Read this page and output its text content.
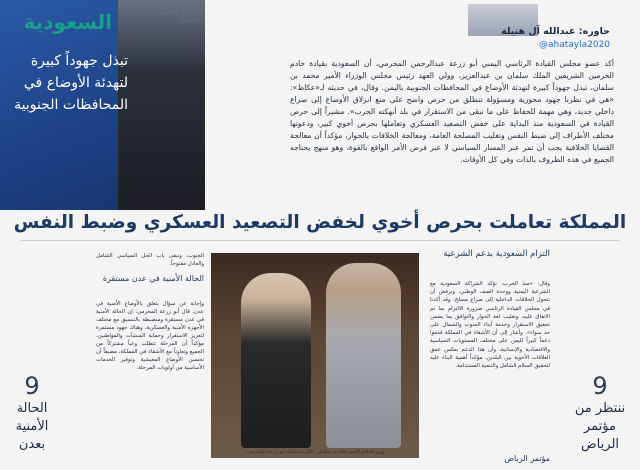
السعودية	أبو زرعة عبدالرحمن المحرمي
تبذل جهوداً كبيرة لتهدئة الأوضاع في المحافظات الجنوبية
حاوره: عبدالله آل هتيلة
@ahatayla2020
أكد عضو مجلس القيادة الرئاسي اليمني أبو زرعة عبدالرحمن المحرمي، أن السعودية بقيادة خادم الحرمين الشريفين الملك سلمان بن عبدالعزيز، وولي العهد رئيس مجلس الوزراء الأمير محمد بن سلمان، تبذل جهوداً كبيرة لتهدئة الأوضاع في المحافظات الجنوبية باليمن. وقال، في حديثه لـ«عكاظ»: «هي في نظرنا جهود محورية ومسؤولة تنطلق من حرص واضح على منع انزلاق الأوضاع إلى صراع داخلي جديد، وهي مهمة للحفاظ على ما تبقى من الاستقرار في بلد أنهكته الحرب». مشيراً إلى حرص القيادة في السعودية منذ البداية على خفض التصعيد العسكري وتعاملها بحرص أخوي كبير، ودعوتها مختلف الأطراف إلى ضبط النفس وتغليب المصلحة العامة، ومعالجة الخلافات بالحوار، مؤكداً أن معالجة القضايا الخلافية يجب أن تمر عبر المسار السياسي لا عبر فرض الأمر الواقع بالقوة، وهو منهج يحتاجه الجميع في هذه الظروف بالذات وفي كل الأوقات.
المملكة تعاملت بحرص أخوي لخفض التصعيد العسكري وضبط النفس
الجنوب، وتبقى باب الحل السياسي الشامل والعادل مفتوحاً.
الحالة الأمنية في عدن مستقرة
وإجابة عن سؤال يتعلق بالأوضاع الأمنية في عدن، قال أبو زرعة المحرمي: إن الحالة الأمنية في عدن مستقرة ومنضبطة بالتنسيق مع مختلف الأجهزة الأمنية والعسكرية، وهناك جهود مستمرة لتعزيز الاستقرار وحماية المنشآت والمواطنين، مؤكداً أن المرحلة تتطلب وعياً مشتركاً من الجميع وتعاوناً مع الأشقاء في المملكة، مضيفاً أن تحسين الأوضاع المعيشية وتوفير الخدمات الأساسية من أولويات المرحلة.
9
الحالة الأمنية بعدن	وزير الدفاع الأمير خالد بن سلمان خلال استقباله أبو زرعة المحرمي.
التزام السعودية بدعم الشرعية
وقال: «منذ الحرب، تؤكد الشراكة السعودية مع الشرعية اليمنية ووحدة الصف الوطني، ونرفض أن تتحول الخلافات الداخلية إلى صراع مسلح، وقد أكدنا في مجلس القيادة الرئاسي ضرورة الالتزام بما تم الاتفاق عليه، وتغليب لغة الحوار والتوافق بما يضمن تحقيق الاستقرار وخدمة أبناء الجنوب والشمال على حد سواء». وأشار إلى أن الأشقاء في المملكة قدموا دعماً كبيراً لليمن على مختلف المستويات السياسية والاقتصادية والإنسانية، وأن هذا الدعم يعكس عمق العلاقات الأخوية بين البلدين، مؤكداً أهمية البناء عليه لتحقيق السلام الشامل والتنمية المستدامة.
مؤتمر الرياض
9
ننتظر من مؤتمر الرياض
